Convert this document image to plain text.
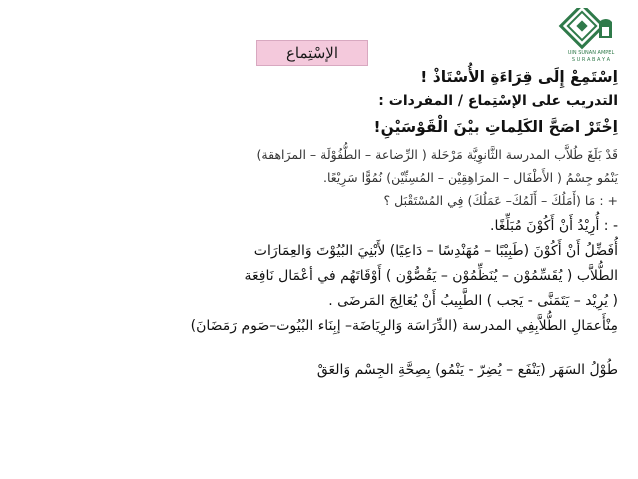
UIN SUNAN AMPEL
S U R A B A Y A
الإسْتِماع
اِسْتَمِعْ إِلَى قِرَاءَةِ الأُسْتَاذْ !
التدريب على الإسْتِماع / المفردات :
اِخْتَرْ اصَحَّ الكَلِماتِ بيْنَ الْقَوْسَيْنِ!
قَدْ بَلَغَ طُلاَّب المدرسة الثَّانوِيَّة مَرْحَلة ( الرِّضاعة – الطُّفُوْلَة – المرَاهقة)
يَنْمُو جِسْمُ ( الأَطْفَال – المرَاهِقِيْن – المُسِنِّيْن) نُمُوًّا سَرِيْعًا.
+ : مَا (أَمَلُكَ – أَلَمُكَ– عَمَلُكَ) فِي المُسْتَقْبَل ؟
- : أُرِيْدُ أَنْ أَكُوْنَ مُبَلِّغًا.
أُفَضِّلُ أَنْ أَكُوْنَ (طَبِيْبًا – مُهَنْدِسًا – دَاعِيًا) لأَبْنِيَ البُيُوْتَ وَالعِمَارَات
الطُّلاَّب ( يُقَسِّمُوْن – يُنَظِّمُوْن – يَقُصُّوْن ) أَوْقَاتَهُم في أعْمَال نَافِعَة
( يُرِيْد – يَتَمَنَّى - يَجب ) الطَّبِيبُ أَنْ يُعَالِجَ المَرضَى .
مِنْأَعمَالِ الطُّلاَّبِفِي المدرسة (الدِّرَاسَة وَالرِيَاضَة– إبِنَاء البُيُوت–صَوم رَمَضَانَ)
طُوْلُ السَهَر (يَنْفَع – يُضِرّ - يَنْمُو) بِصِحَّةِ الجِسْم وَالعَقْ
